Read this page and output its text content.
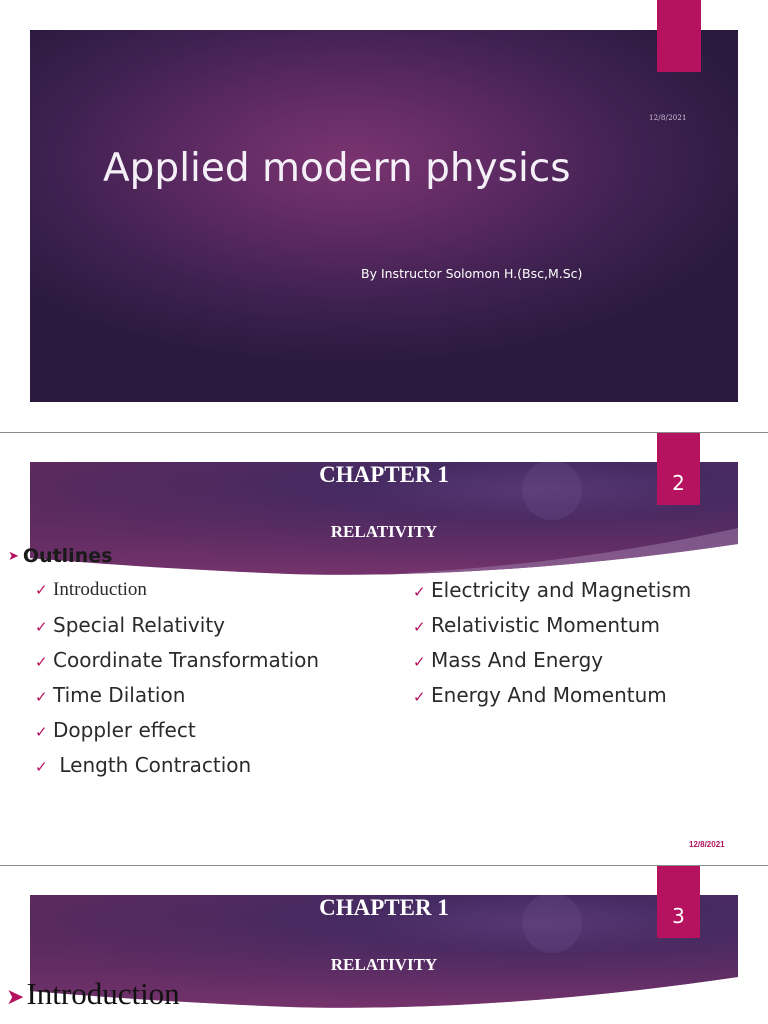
12/8/2021
Applied modern physics
By Instructor Solomon H.(Bsc,M.Sc)
CHAPTER 1
RELATIVITY
2
➤ Outlines
✓ Introduction
✓ Special Relativity
✓ Coordinate Transformation
✓ Time Dilation
✓ Doppler effect
✓ Length Contraction
✓ Electricity and Magnetism
✓ Relativistic Momentum
✓ Mass And Energy
✓ Energy And Momentum
12/8/2021
CHAPTER 1
RELATIVITY
3
➤Introduction
